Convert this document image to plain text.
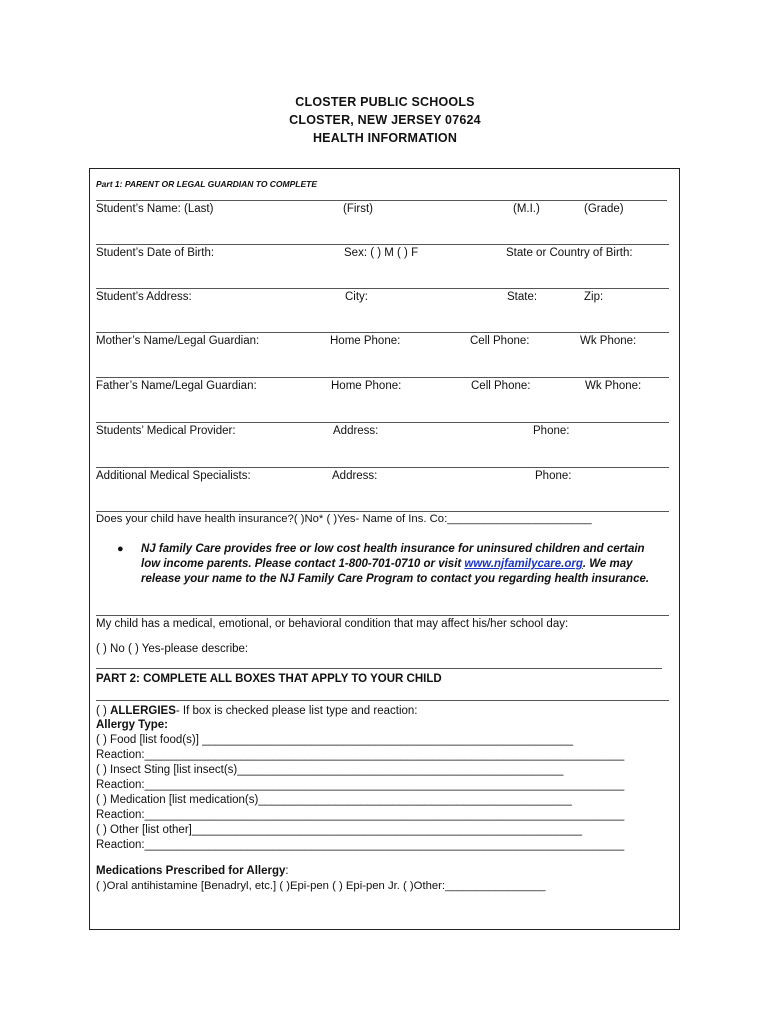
CLOSTER PUBLIC SCHOOLS
CLOSTER, NEW JERSEY 07624
HEALTH INFORMATION
Part 1: PARENT OR LEGAL GUARDIAN TO COMPLETE
Student’s Name: (Last)	(First)	(M.I.)	(Grade)
Student’s Date of Birth:	Sex: ( ) M ( ) F	State or Country of Birth:
Student’s Address:	City:	State:	Zip:
Mother’s Name/Legal Guardian:	Home Phone:	Cell Phone:	Wk Phone:
Father’s Name/Legal Guardian:	Home Phone:	Cell Phone:	Wk Phone:
Students’ Medical Provider:	Address:	Phone:
Additional Medical Specialists:	Address:	Phone:
Does your child have health insurance?( )No* ( )Yes- Name of Ins. Co:_______________________
● NJ family Care provides free or low cost health insurance for uninsured children and certain low income parents. Please contact 1-800-701-0710 or visit www.njfamilycare.org. We may release your name to the NJ Family Care Program to contact you regarding health insurance.
My child has a medical, emotional, or behavioral condition that may affect his/her school day:
( ) No ( ) Yes-please describe:
PART 2: COMPLETE ALL BOXES THAT APPLY TO YOUR CHILD
( ) ALLERGIES- If box is checked please list type and reaction:
Allergy Type:
( ) Food [list food(s)] __________________________________________________________
Reaction:___________________________________________________________________________
( ) Insect Sting [list insect(s)___________________________________________________
Reaction:___________________________________________________________________________
( ) Medication [list medication(s)_________________________________________________
Reaction:___________________________________________________________________________
( ) Other [list other]_____________________________________________________________
Reaction:___________________________________________________________________________
Medications Prescribed for Allergy:
( )Oral antihistamine [Benadryl, etc.] ( )Epi-pen ( ) Epi-pen Jr. ( )Other:________________
